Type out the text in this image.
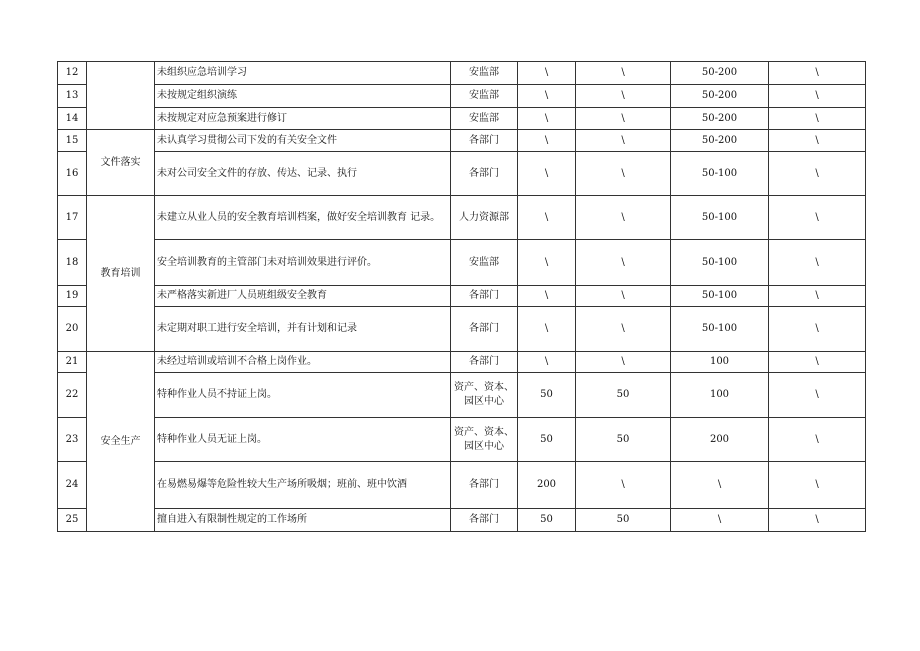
12		未组织应急培训学习	安监部	\	\	50-200	\
13		未按规定组织演练	安监部	\	\	50-200	\
14		未按规定对应急预案进行修订	安监部	\	\	50-200	\
15	文件落实	未认真学习贯彻公司下发的有关安全文件	各部门	\	\	50-200	\
16		未对公司安全文件的存放、传达、记录、执行	各部门	\	\	50-100	\
17	教育培训	未建立从业人员的安全教育培训档案，做好安全培训教育 记录。	人力资源部	\	\	50-100	\
18		安全培训教育的主管部门未对培训效果进行评价。	安监部	\	\	50-100	\
19		未严格落实新进厂人员班组级安全教育	各部门	\	\	50-100	\
20		未定期对职工进行安全培训，并有计划和记录	各部门	\	\	50-100	\
21	安全生产	未经过培训或培训不合格上岗作业。	各部门	\	\	100	\
22		特种作业人员不持证上岗。	资产、资本、园区中心	50	50	100	\
23		特种作业人员无证上岗。	资产、资本、园区中心	50	50	200	\
24		在易燃易爆等危险性较大生产场所吸烟；班前、班中饮酒	各部门	200	\	\	\
25		擅自进入有限制性规定的工作场所	各部门	50	50	\	\
